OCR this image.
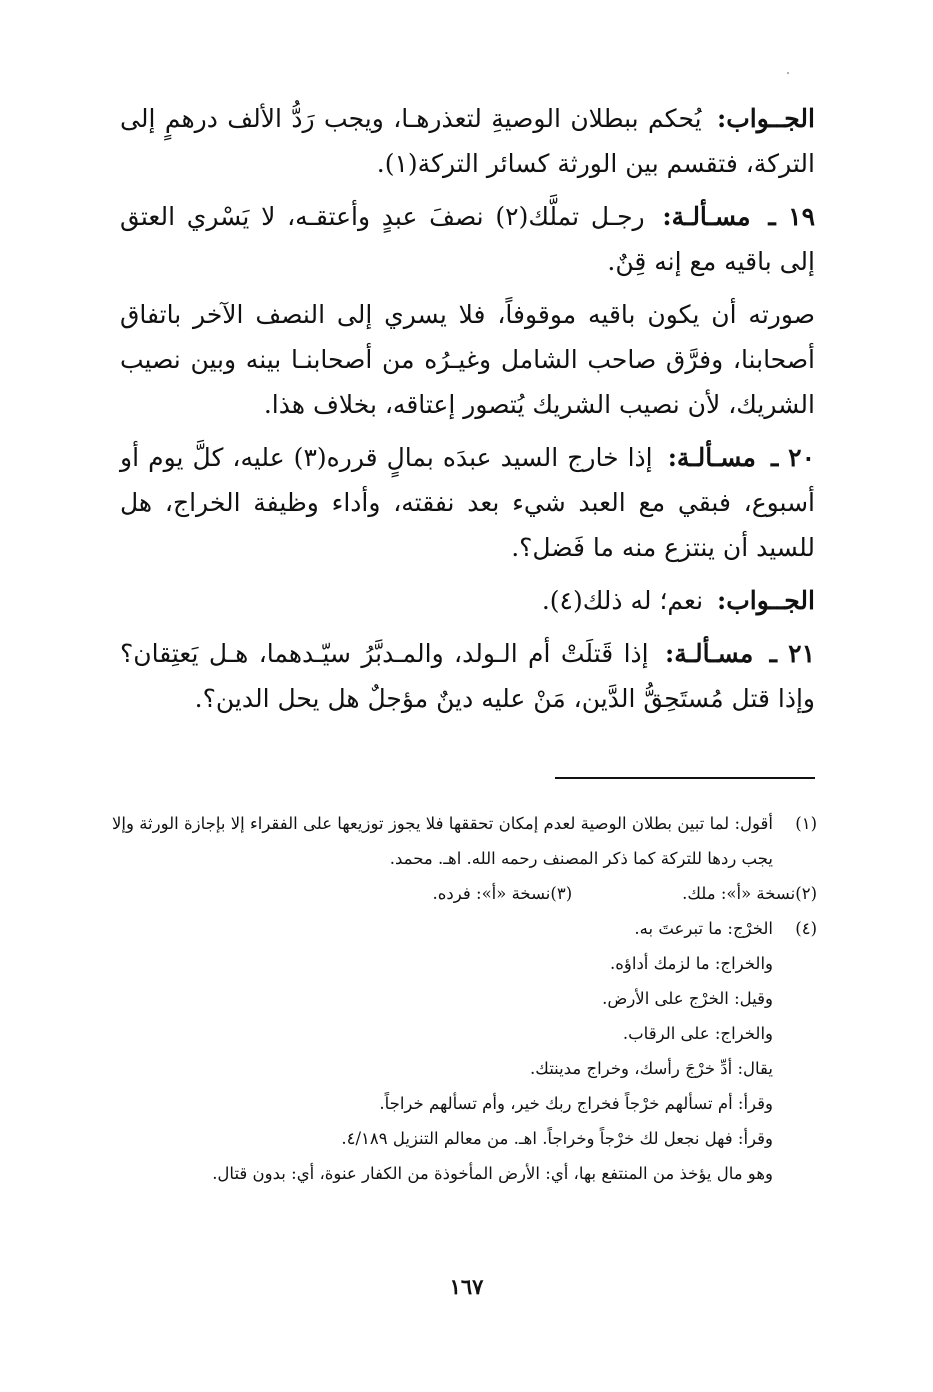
الجــواب: يُحكم ببطلان الوصيةِ لتعذرهـا، ويجب رَدُّ الألف درهمٍ إلى التركة، فتقسم بين الورثة كسائر التركة(١).

١٩ ـ مسـألـة: رجـل تملَّك(٢) نصفَ عبدٍ وأعتقـه، لا يَسْري العتق إلى باقيه مع إنه قِنٌ.

صورته أن يكون باقيه موقوفاً، فلا يسري إلى النصف الآخر باتفاق أصحابنا، وفرَّق صاحب الشامل وغيـرُه من أصحابنـا بينه وبين نصيب الشريك، لأن نصيب الشريك يُتصور إعتاقه، بخلاف هذا.

٢٠ ـ مسـألـة: إذا خارج السيد عبدَه بمالٍ قرره(٣) عليه، كلَّ يوم أو أسبوع، فبقي مع العبد شيء بعد نفقته، وأداء وظيفة الخراج، هل للسيد أن ينتزع منه ما فَضل؟.

الجــواب: نعم؛ له ذلك(٤).

٢١ ـ مسـألـة: إذا قَتلَتْ أم الـولد، والمـدبَّرُ سيّـدهما، هـل يَعتِقان؟ وإذا قتل مُستَحِقُّ الدَّين، مَنْ عليه دينٌ مؤجلٌ هل يحل الدين؟.

(١)
أقول: لما تبين بطلان الوصية لعدم إمكان تحققها فلا يجوز توزيعها على الفقراء إلا بإجازة الورثة وإلا يجب ردها للتركة كما ذكر المصنف رحمه الله. اهـ. محمد.
(٢)
نسخة «أ»: ملك.
(٣)
نسخة «أ»: فرده.
(٤)
الخرْج: ما تبرعتَ به.
والخراج: ما لزمك أداؤه.
وقيل: الخرْج على الأرض.
والخراج: على الرقاب.
يقال: أدِّ خرْجَ رأسك، وخراج مدينتك.
وقرأ: أم تسألهم خرْجاً فخراج ربك خير، وأم تسألهم خراجاً.
وقرأ: فهل نجعل لك خرْجاً وخراجاً. اهـ. من معالم التنزيل ٤/١٨٩.
وهو مال يؤخذ من المنتفع بها، أي: الأرض المأخوذة من الكفار عنوة، أي: بدون قتال.
١٦٧
